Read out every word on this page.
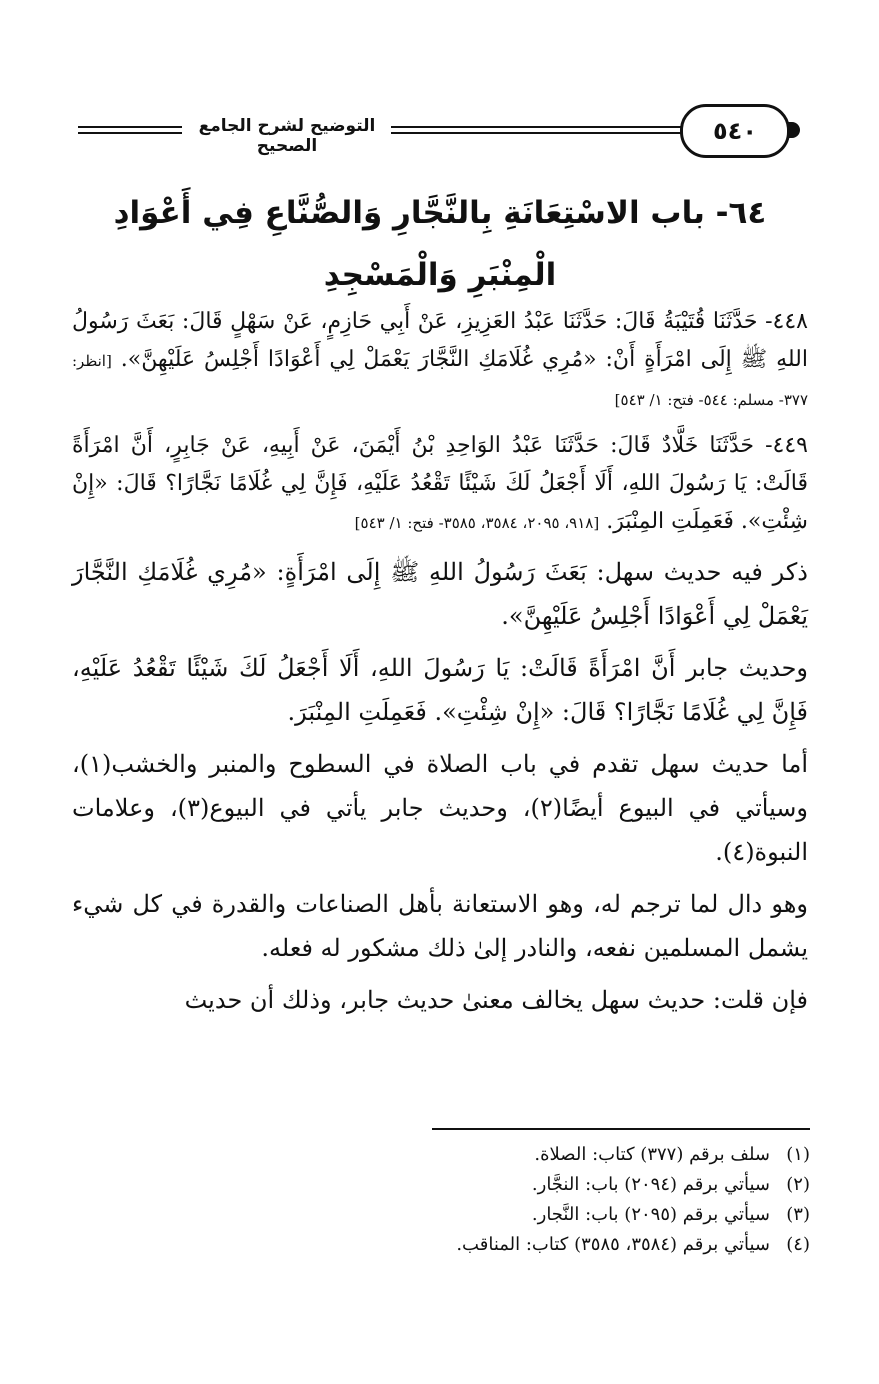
التوضيح لشرح الجامع الصحيح
٥٤٠
٦٤- باب الاسْتِعَانَةِ بِالنَّجَّارِ وَالصُّنَّاعِ فِي أَعْوَادِ
الْمِنْبَرِ وَالْمَسْجِدِ

٤٤٨- حَدَّثَنَا قُتَيْبَةُ قَالَ: حَدَّثَنَا عَبْدُ العَزِيزِ، عَنْ أَبِي حَازِمٍ، عَنْ سَهْلٍ قَالَ: بَعَثَ رَسُولُ اللهِ ﷺ إِلَى امْرَأَةٍ أَنْ: «مُرِي غُلَامَكِ النَّجَّارَ يَعْمَلْ لِي أَعْوَادًا أَجْلِسُ عَلَيْهِنَّ». [انظر: ٣٧٧- مسلم: ٥٤٤- فتح: ١/ ٥٤٣]

٤٤٩- حَدَّثَنَا خَلَّادٌ قَالَ: حَدَّثَنَا عَبْدُ الوَاحِدِ بْنُ أَيْمَنَ، عَنْ أَبِيهِ، عَنْ جَابِرٍ، أَنَّ امْرَأَةً قَالَتْ: يَا رَسُولَ اللهِ، أَلَا أَجْعَلُ لَكَ شَيْئًا تَقْعُدُ عَلَيْهِ، فَإِنَّ لِي غُلَامًا نَجَّارًا؟ قَالَ: «إِنْ شِئْتِ». فَعَمِلَتِ المِنْبَرَ. [٩١٨، ٢٠٩٥، ٣٥٨٤، ٣٥٨٥- فتح: ١/ ٥٤٣]

ذكر فيه حديث سهل: بَعَثَ رَسُولُ اللهِ ﷺ إِلَى امْرَأَةٍ: «مُرِي غُلَامَكِ النَّجَّارَ يَعْمَلْ لِي أَعْوَادًا أَجْلِسُ عَلَيْهِنَّ».

وحديث جابر أَنَّ امْرَأَةً قَالَتْ: يَا رَسُولَ اللهِ، أَلَا أَجْعَلُ لَكَ شَيْئًا تَقْعُدُ عَلَيْهِ، فَإِنَّ لِي غُلَامًا نَجَّارًا؟ قَالَ: «إِنْ شِئْتِ». فَعَمِلَتِ المِنْبَرَ.

أما حديث سهل تقدم في باب الصلاة في السطوح والمنبر والخشب(١)، وسيأتي في البيوع أيضًا(٢)، وحديث جابر يأتي في البيوع(٣)، وعلامات النبوة(٤).

وهو دال لما ترجم له، وهو الاستعانة بأهل الصناعات والقدرة في كل شيء يشمل المسلمين نفعه، والنادر إلىٰ ذلك مشكور له فعله.

فإن قلت: حديث سهل يخالف معنىٰ حديث جابر، وذلك أن حديث

(١)سلف برقم (٣٧٧) كتاب: الصلاة.
(٢)سيأتي برقم (٢٠٩٤) باب: النجَّار.
(٣)سيأتي برقم (٢٠٩٥) باب: النَّجار.
(٤)سيأتي برقم (٣٥٨٤، ٣٥٨٥) كتاب: المناقب.
